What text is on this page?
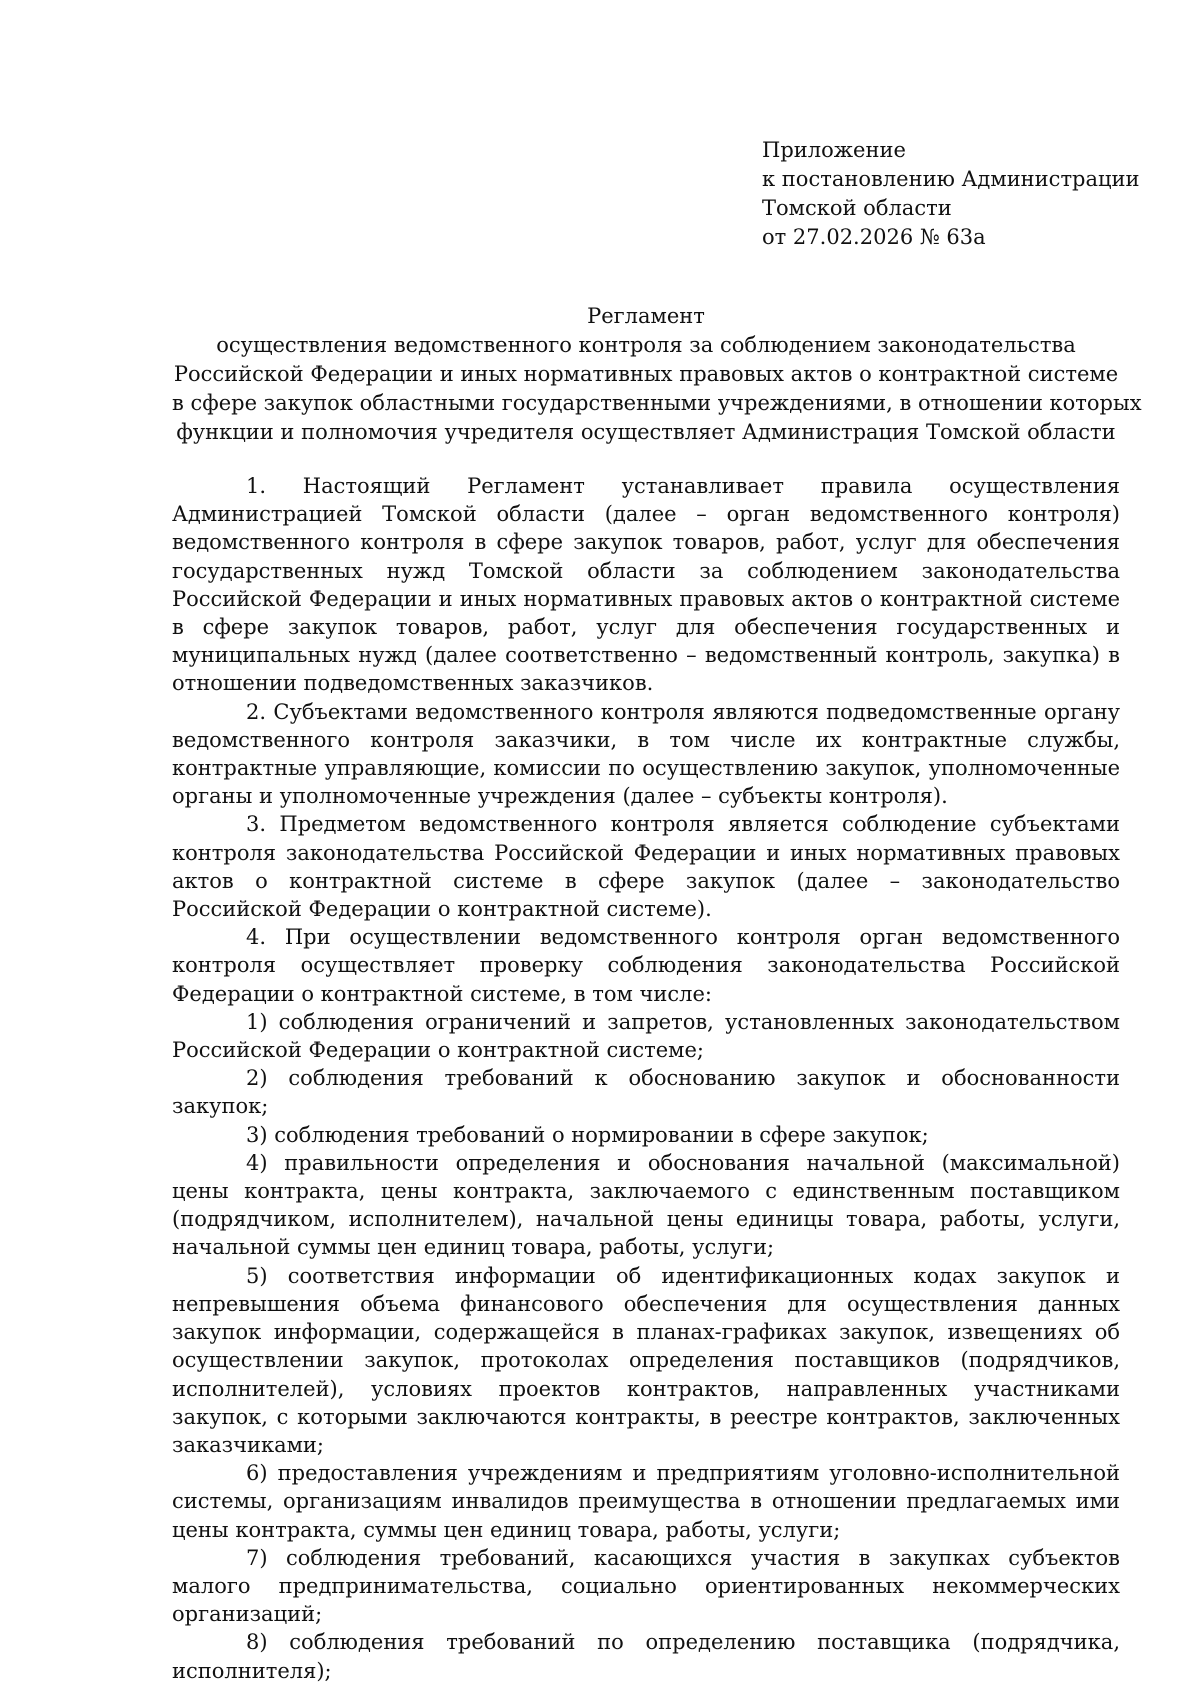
Приложение
к постановлению Администрации
Томской области
от 27.02.2026 № 63а
Регламент
осуществления ведомственного контроля за соблюдением законодательства
Российской Федерации и иных нормативных правовых актов о контрактной системе
в сфере закупок областными государственными учреждениями, в отношении которых
функции и полномочия учредителя осуществляет Администрация Томской области

1. Настоящий Регламент устанавливает правила осуществления Администрацией Томской области (далее – орган ведомственного контроля) ведомственного контроля в сфере закупок товаров, работ, услуг для обеспечения государственных нужд Томской области за соблюдением законодательства Российской Федерации и иных нормативных правовых актов о контрактной системе в сфере закупок товаров, работ, услуг для обеспечения государственных и муниципальных нужд (далее соответственно – ведомственный контроль, закупка) в отношении подведомственных заказчиков.

2. Субъектами ведомственного контроля являются подведомственные органу ведомственного контроля заказчики, в том числе их контрактные службы, контрактные управляющие, комиссии по осуществлению закупок, уполномоченные органы и уполномоченные учреждения (далее – субъекты контроля).

3. Предметом ведомственного контроля является соблюдение субъектами контроля законодательства Российской Федерации и иных нормативных правовых актов о контрактной системе в сфере закупок (далее – законодательство Российской Федерации о контрактной системе).

4. При осуществлении ведомственного контроля орган ведомственного контроля осуществляет проверку соблюдения законодательства Российской Федерации о контрактной системе, в том числе:

1) соблюдения ограничений и запретов, установленных законодательством Российской Федерации о контрактной системе;

2) соблюдения требований к обоснованию закупок и обоснованности закупок;

3) соблюдения требований о нормировании в сфере закупок;

4) правильности определения и обоснования начальной (максимальной) цены контракта, цены контракта, заключаемого с единственным поставщиком (подрядчиком, исполнителем), начальной цены единицы товара, работы, услуги, начальной суммы цен единиц товара, работы, услуги;

5) соответствия информации об идентификационных кодах закупок и непревышения объема финансового обеспечения для осуществления данных закупок информации, содержащейся в планах-графиках закупок, извещениях об осуществлении закупок, протоколах определения поставщиков (подрядчиков, исполнителей), условиях проектов контрактов, направленных участниками закупок, с которыми заключаются контракты, в реестре контрактов, заключенных заказчиками;

6) предоставления учреждениям и предприятиям уголовно-исполнительной системы, организациям инвалидов преимущества в отношении предлагаемых ими цены контракта, суммы цен единиц товара, работы, услуги;

7) соблюдения требований, касающихся участия в закупках субъектов малого предпринимательства, социально ориентированных некоммерческих организаций;

8) соблюдения требований по определению поставщика (подрядчика, исполнителя);
